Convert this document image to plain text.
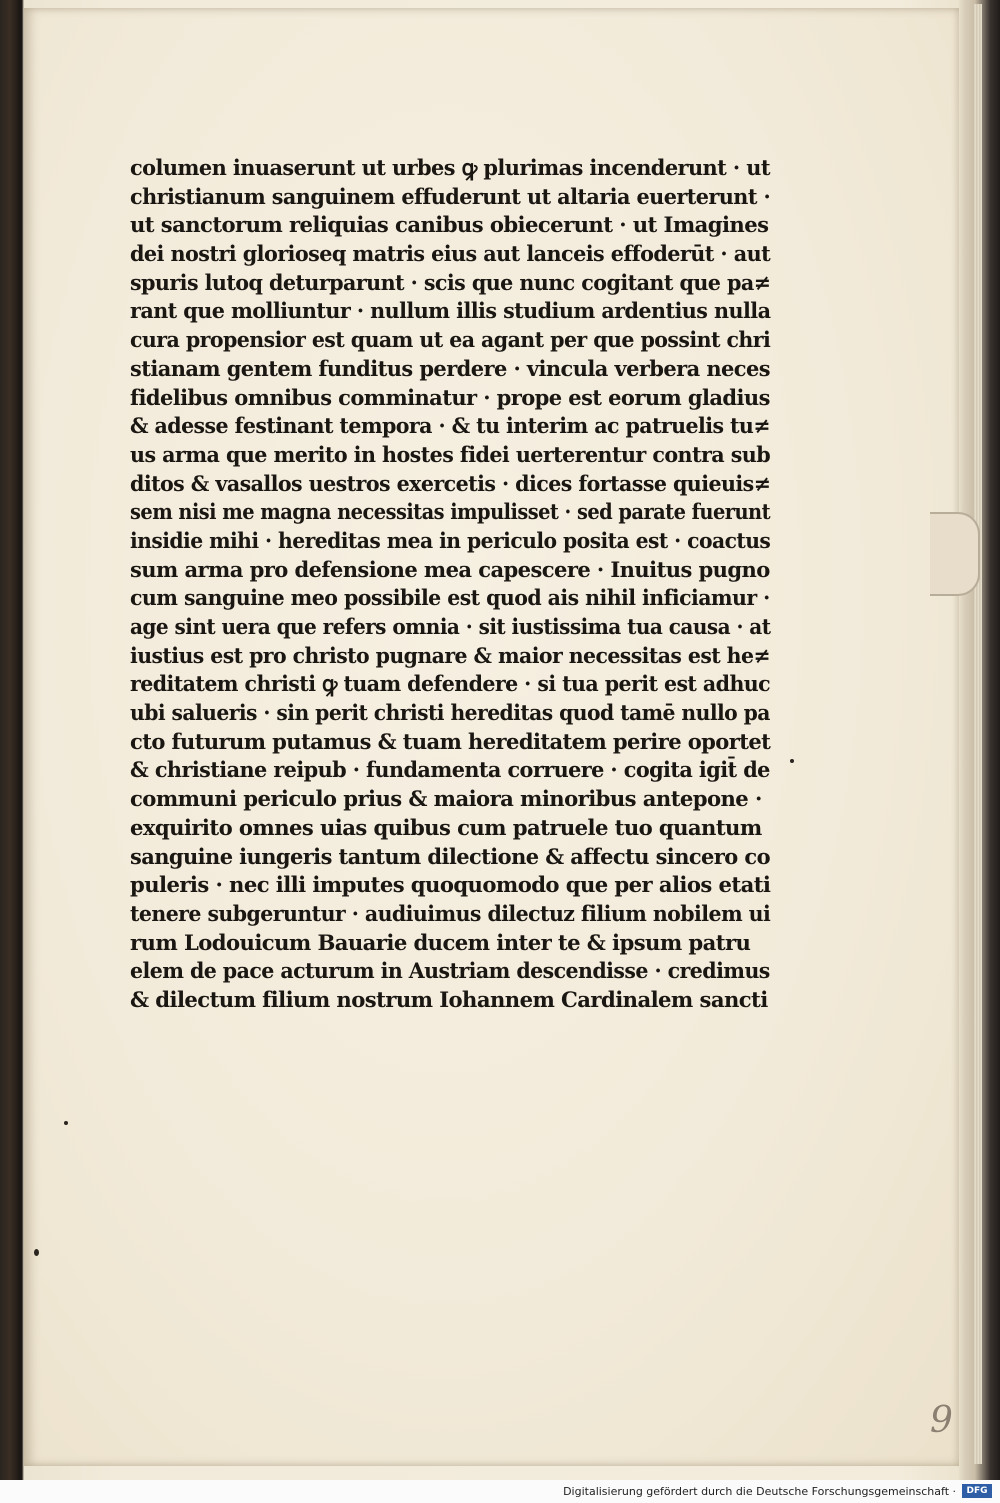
columen inuaserunt ut urbes ꝙ plurimas incenderunt · ut
christianum sanguinem effuderunt ut altaria euerterunt ·
ut sanctorum reliquias canibus obiecerunt · ut Imagines
dei nostri glorioseq matris eius aut lanceis effoderūt · aut
spuris lutoq deturparunt · scis que nunc cogitant que pa≠
rant que molliuntur · nullum illis studium ardentius nulla
cura propensior est quam ut ea agant per que possint chri
stianam gentem funditus perdere · vincula verbera neces
fidelibus omnibus comminatur · prope est eorum gladius
& adesse festinant tempora · & tu interim ac patruelis tu≠
us arma que merito in hostes fidei uerterentur contra sub
ditos & vasallos uestros exercetis · dices fortasse quieuis≠
sem nisi me magna necessitas impulisset · sed parate fuerunt
insidie mihi · hereditas mea in periculo posita est · coactus
sum arma pro defensione mea capescere · Inuitus pugno
cum sanguine meo possibile est quod ais nihil inficiamur ·
age sint uera que refers omnia · sit iustissima tua causa · at
iustius est pro christo pugnare & maior necessitas est he≠
reditatem christi ꝙ tuam defendere · si tua perit est adhuc
ubi salueris · sin perit christi hereditas quod tamē nullo pa
cto futurum putamus & tuam hereditatem perire oportet
& christiane reipub · fundamenta corruere · cogita igit̄ de
communi periculo prius & maiora minoribus antepone ·
exquirito omnes uias quibus cum patruele tuo quantum
sanguine iungeris tantum dilectione & affectu sincero co
puleris · nec illi imputes quoquomodo que per alios etati
tenere subgeruntur · audiuimus dilectuz filium nobilem ui
rum Lodouicum Bauarie ducem inter te & ipsum patru
elem de pace acturum in Austriam descendisse · credimus
& dilectum filium nostrum Iohannem Cardinalem sancti
9
Digitalisierung gefördert durch die Deutsche Forschungsgemeinschaft ·	DFG
